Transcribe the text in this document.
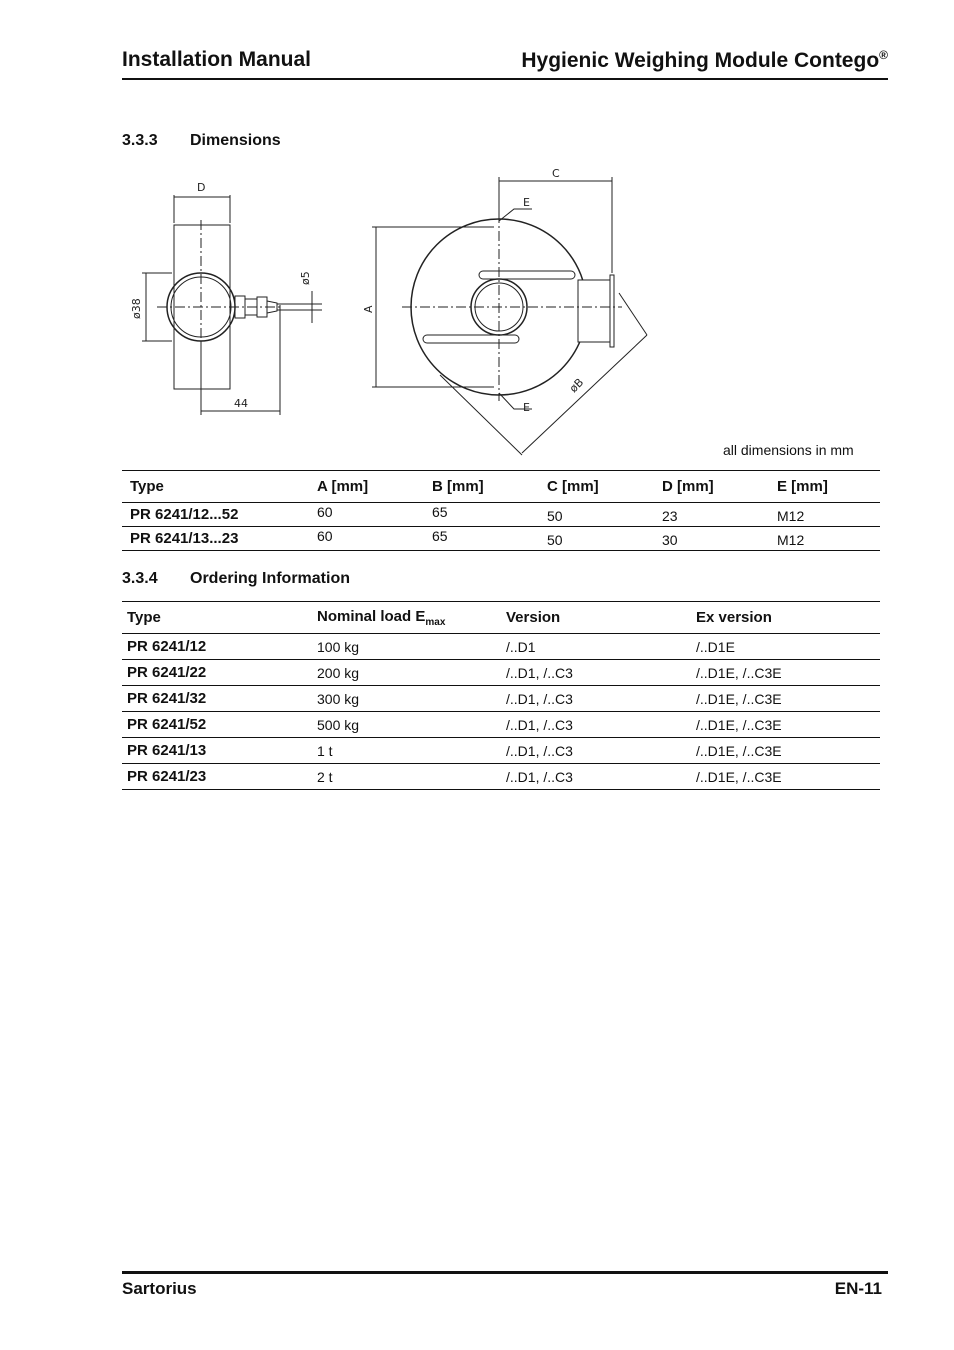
Installation Manual	Hygienic Weighing Module Contego®
3.3.3 Dimensions
D
ø38
ø5
44
A
C
E
E
øB
all dimensions in mm
Type	A [mm]	B [mm]	C [mm]	D [mm]	E [mm]
PR 6241/12...52	60	65	50	23	M12
PR 6241/13...23	60	65	50	30	M12
3.3.4 Ordering Information
Type	Nominal load $E_{max}$	Version	Ex version
PR 6241/12	100 kg	/..D1	/..D1E
PR 6241/22	200 kg	/..D1, /..C3	/..D1E, /..C3E
PR 6241/32	300 kg	/..D1, /..C3	/..D1E, /..C3E
PR 6241/52	500 kg	/..D1, /..C3	/..D1E, /..C3E
PR 6241/13	1 t	/..D1, /..C3	/..D1E, /..C3E
PR 6241/23	2 t	/..D1, /..C3	/..D1E, /..C3E
Sartorius	EN-11
